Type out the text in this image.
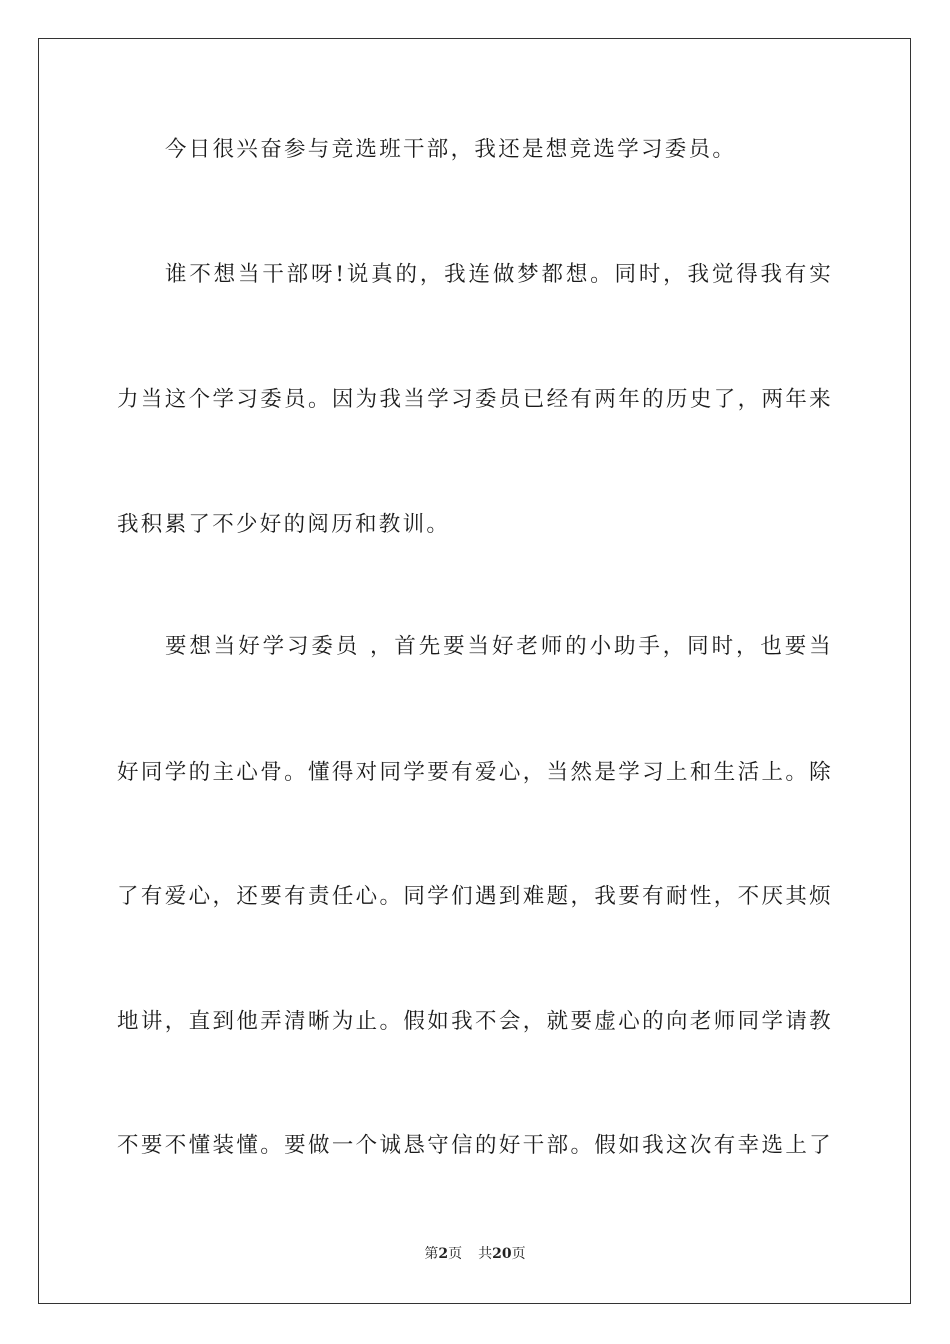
今日很兴奋参与竞选班干部，我还是想竞选学习委员。
谁不想当干部呀!说真的，我连做梦都想。同时，我觉得我有实
力当这个学习委员。因为我当学习委员已经有两年的历史了，两年来
我积累了不少好的阅历和教训。
要想当好学习委员 ，首先要当好老师的小助手，同时，也要当
好同学的主心骨。懂得对同学要有爱心，当然是学习上和生活上。除
了有爱心，还要有责任心。同学们遇到难题，我要有耐性，不厌其烦
地讲，直到他弄清晰为止。假如我不会，就要虚心的向老师同学请教
不要不懂装懂。要做一个诚恳守信的好干部。假如我这次有幸选上了
第2页 共20页
